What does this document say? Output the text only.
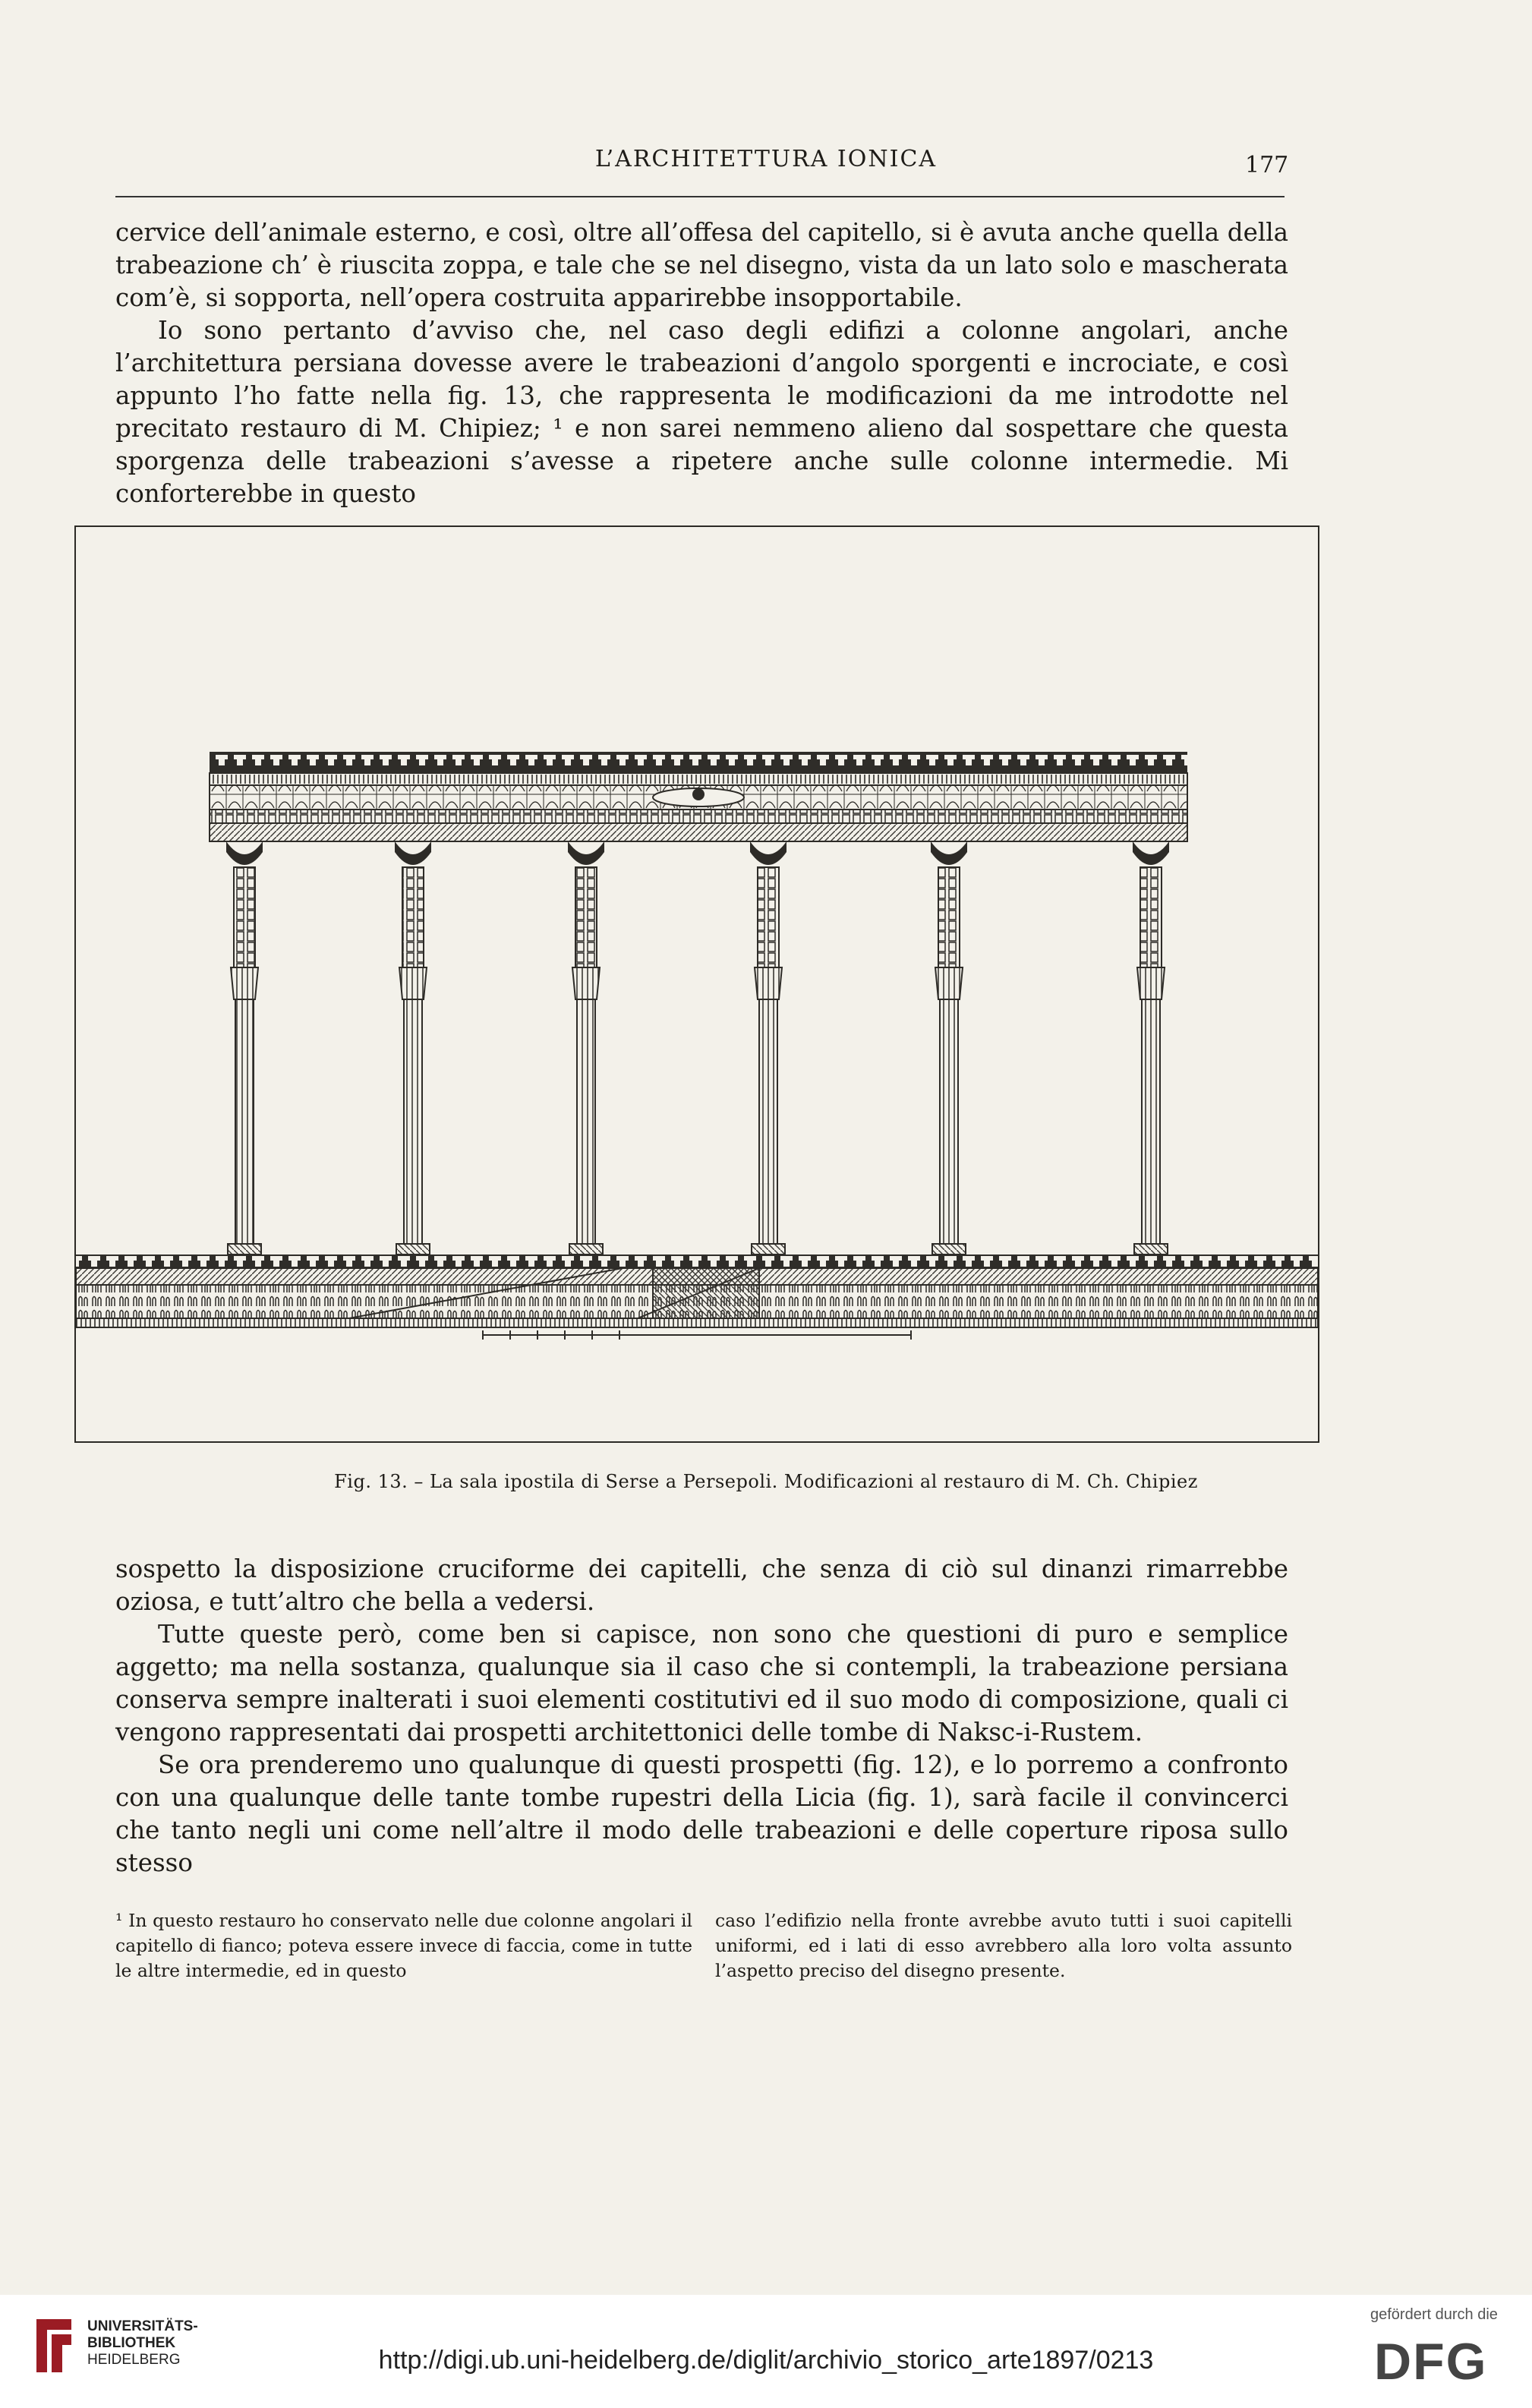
L’ARCHITETTURA IONICA	177

cervice dell’animale esterno, e così, oltre all’offesa del capitello, si è avuta anche quella della trabeazione ch’ è riuscita zoppa, e tale che se nel disegno, vista da un lato solo e mascherata com’è, si sopporta, nell’opera costruita apparirebbe insopportabile.

Io sono pertanto d’avviso che, nel caso degli edifizi a colonne angolari, anche l’architettura persiana dovesse avere le trabeazioni d’angolo sporgenti e incrociate, e così appunto l’ho fatte nella fig. 13, che rappresenta le modificazioni da me introdotte nel precitato restauro di M. Chipiez; ¹ e non sarei nemmeno alieno dal sospettare che questa sporgenza delle trabeazioni s’avesse a ripetere anche sulle colonne intermedie. Mi conforterebbe in questo

Fig. 13. – La sala ipostila di Serse a Persepoli. Modificazioni al restauro di M. Ch. Chipiez

sospetto la disposizione cruciforme dei capitelli, che senza di ciò sul dinanzi rimarrebbe oziosa, e tutt’altro che bella a vedersi.

Tutte queste però, come ben si capisce, non sono che questioni di puro e semplice aggetto; ma nella sostanza, qualunque sia il caso che si contempli, la trabeazione persiana conserva sempre inalterati i suoi elementi costitutivi ed il suo modo di composizione, quali ci vengono rappresentati dai prospetti architettonici delle tombe di Naksc-i-Rustem.

Se ora prenderemo uno qualunque di questi prospetti (fig. 12), e lo porremo a confronto con una qualunque delle tante tombe rupestri della Licia (fig. 1), sarà facile il convincerci che tanto negli uni come nell’altre il modo delle trabeazioni e delle coperture riposa sullo stesso

¹ In questo restauro ho conservato nelle due colonne angolari il capitello di fianco; poteva essere invece di faccia, come in tutte le altre intermedie, ed in questo

caso l’edifizio nella fronte avrebbe avuto tutti i suoi capitelli uniformi, ed i lati di esso avrebbero alla loro volta assunto l’aspetto preciso del disegno presente.

UNIVERSITÄTS-
BIBLIOTHEK
HEIDELBERG	http://digi.ub.uni-heidelberg.de/diglit/archivio_storico_arte1897/0213
gefördert durch die
DFG
